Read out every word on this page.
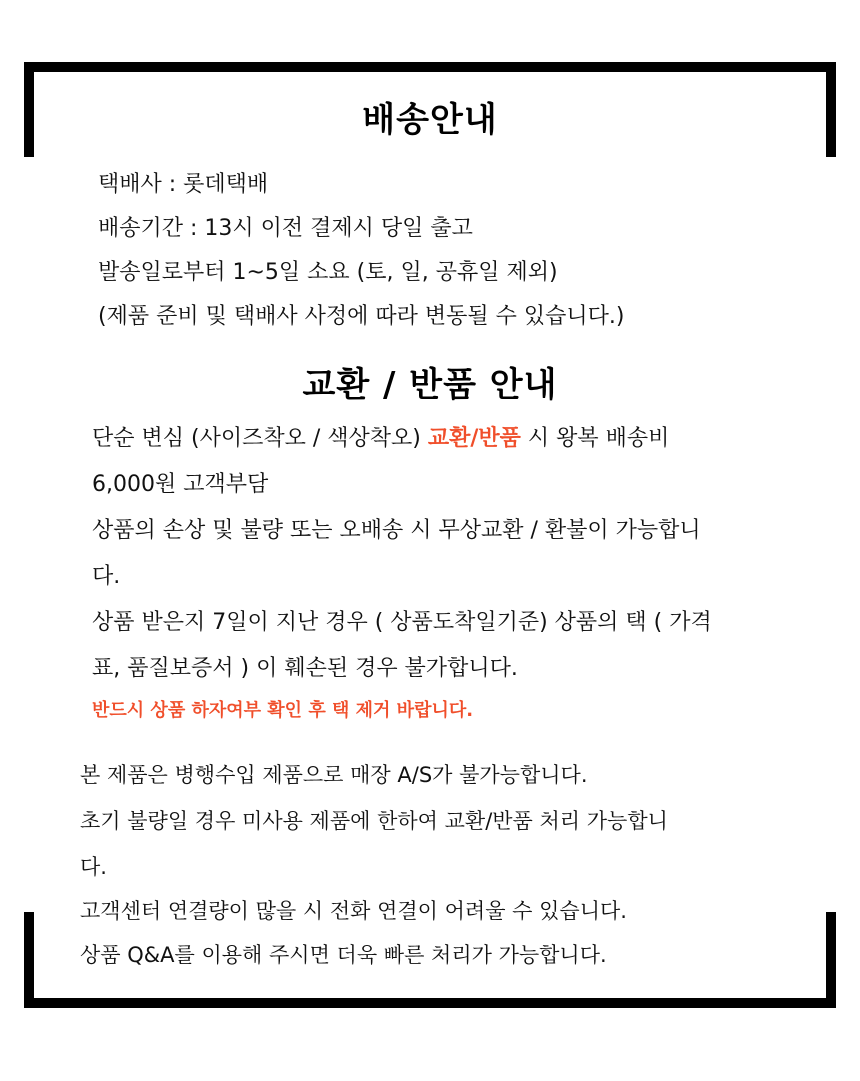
배송안내
택배사 : 롯데택배
배송기간 : 13시 이전 결제시 당일 출고
발송일로부터 1~5일 소요 (토, 일, 공휴일 제외)
(제품 준비 및 택배사 사정에 따라 변동될 수 있습니다.)
교환 / 반품 안내
단순 변심 (사이즈착오 / 색상착오) 교환/반품 시 왕복 배송비
6,000원 고객부담
상품의 손상 및 불량 또는 오배송 시 무상교환 / 환불이 가능합니
다.
상품 받은지 7일이 지난 경우 ( 상품도착일기준) 상품의 택 ( 가격
표, 품질보증서 ) 이 훼손된 경우 불가합니다.
반드시 상품 하자여부 확인 후 택 제거 바랍니다.
본 제품은 병행수입 제품으로 매장 A/S가 불가능합니다.
초기 불량일 경우 미사용 제품에 한하여 교환/반품 처리 가능합니
다.
고객센터 연결량이 많을 시 전화 연결이 어려울 수 있습니다.
상품 Q&A를 이용해 주시면 더욱 빠른 처리가 가능합니다.
